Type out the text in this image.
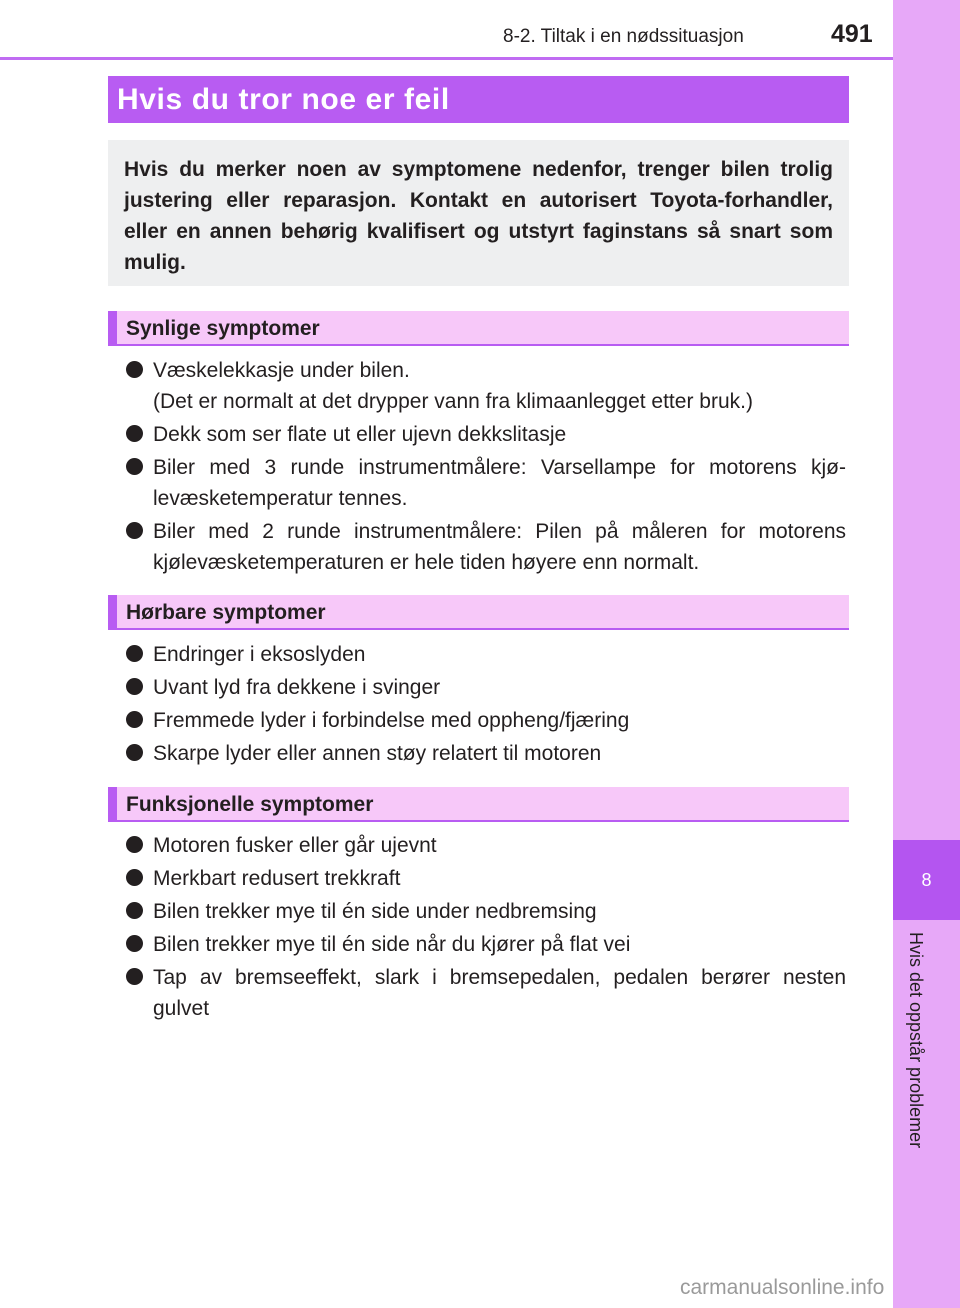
8-2. Tiltak i en nødssituasjon	491
8
Hvis det oppstår problemer
Hvis du tror noe er feil

Hvis du merker noen av symptomene nedenfor, trenger bilen trolig justering eller reparasjon. Kontakt en autorisert Toyota-forhandler, eller en annen behørig kvalifisert og utstyrt faginstans så snart som mulig.

Synlige symptomer
Væskelekkasje under bilen.
(Det er normalt at det drypper vann fra klimaanlegget etter bruk.)
Dekk som ser flate ut eller ujevn dekkslitasje
Biler med 3 runde instrumentmålere: Varsellampe for motorens kjølevæsketemperatur tennes.
Biler med 2 runde instrumentmålere: Pilen på måleren for motorens kjølevæsketemperaturen er hele tiden høyere enn normalt.
Hørbare symptomer
Endringer i eksoslyden
Uvant lyd fra dekkene i svinger
Fremmede lyder i forbindelse med oppheng/fjæring
Skarpe lyder eller annen støy relatert til motoren
Funksjonelle symptomer
Motoren fusker eller går ujevnt
Merkbart redusert trekkraft
Bilen trekker mye til én side under nedbremsing
Bilen trekker mye til én side når du kjører på flat vei
Tap av bremseeffekt, slark i bremsepedalen, pedalen berører nesten gulvet
carmanualsonline.info
